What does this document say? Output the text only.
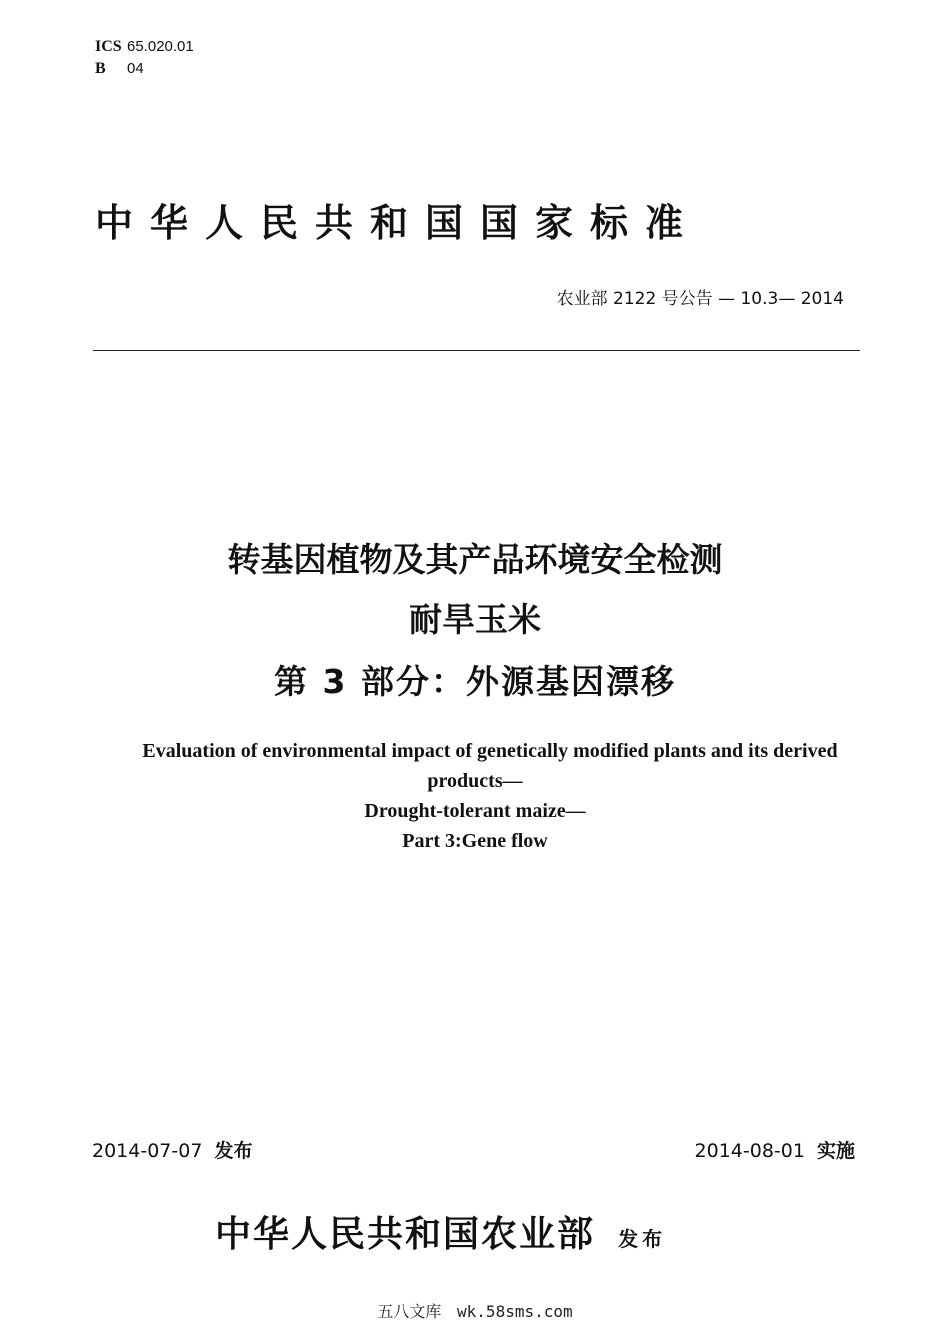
ICS 65.020.01
B 04
中华人民共和国国家标准
农业部 2122 号公告 — 10.3— 2014
转基因植物及其产品环境安全检测
耐旱玉米
第 3 部分：外源基因漂移
Evaluation of environmental impact of genetically modified plants and its derived
products—
Drought-tolerant maize—
Part 3:Gene flow
2014-07-07 发布	2014-08-01 实施
中华人民共和国农业部 发布
五八文库 wk.58sms.com
